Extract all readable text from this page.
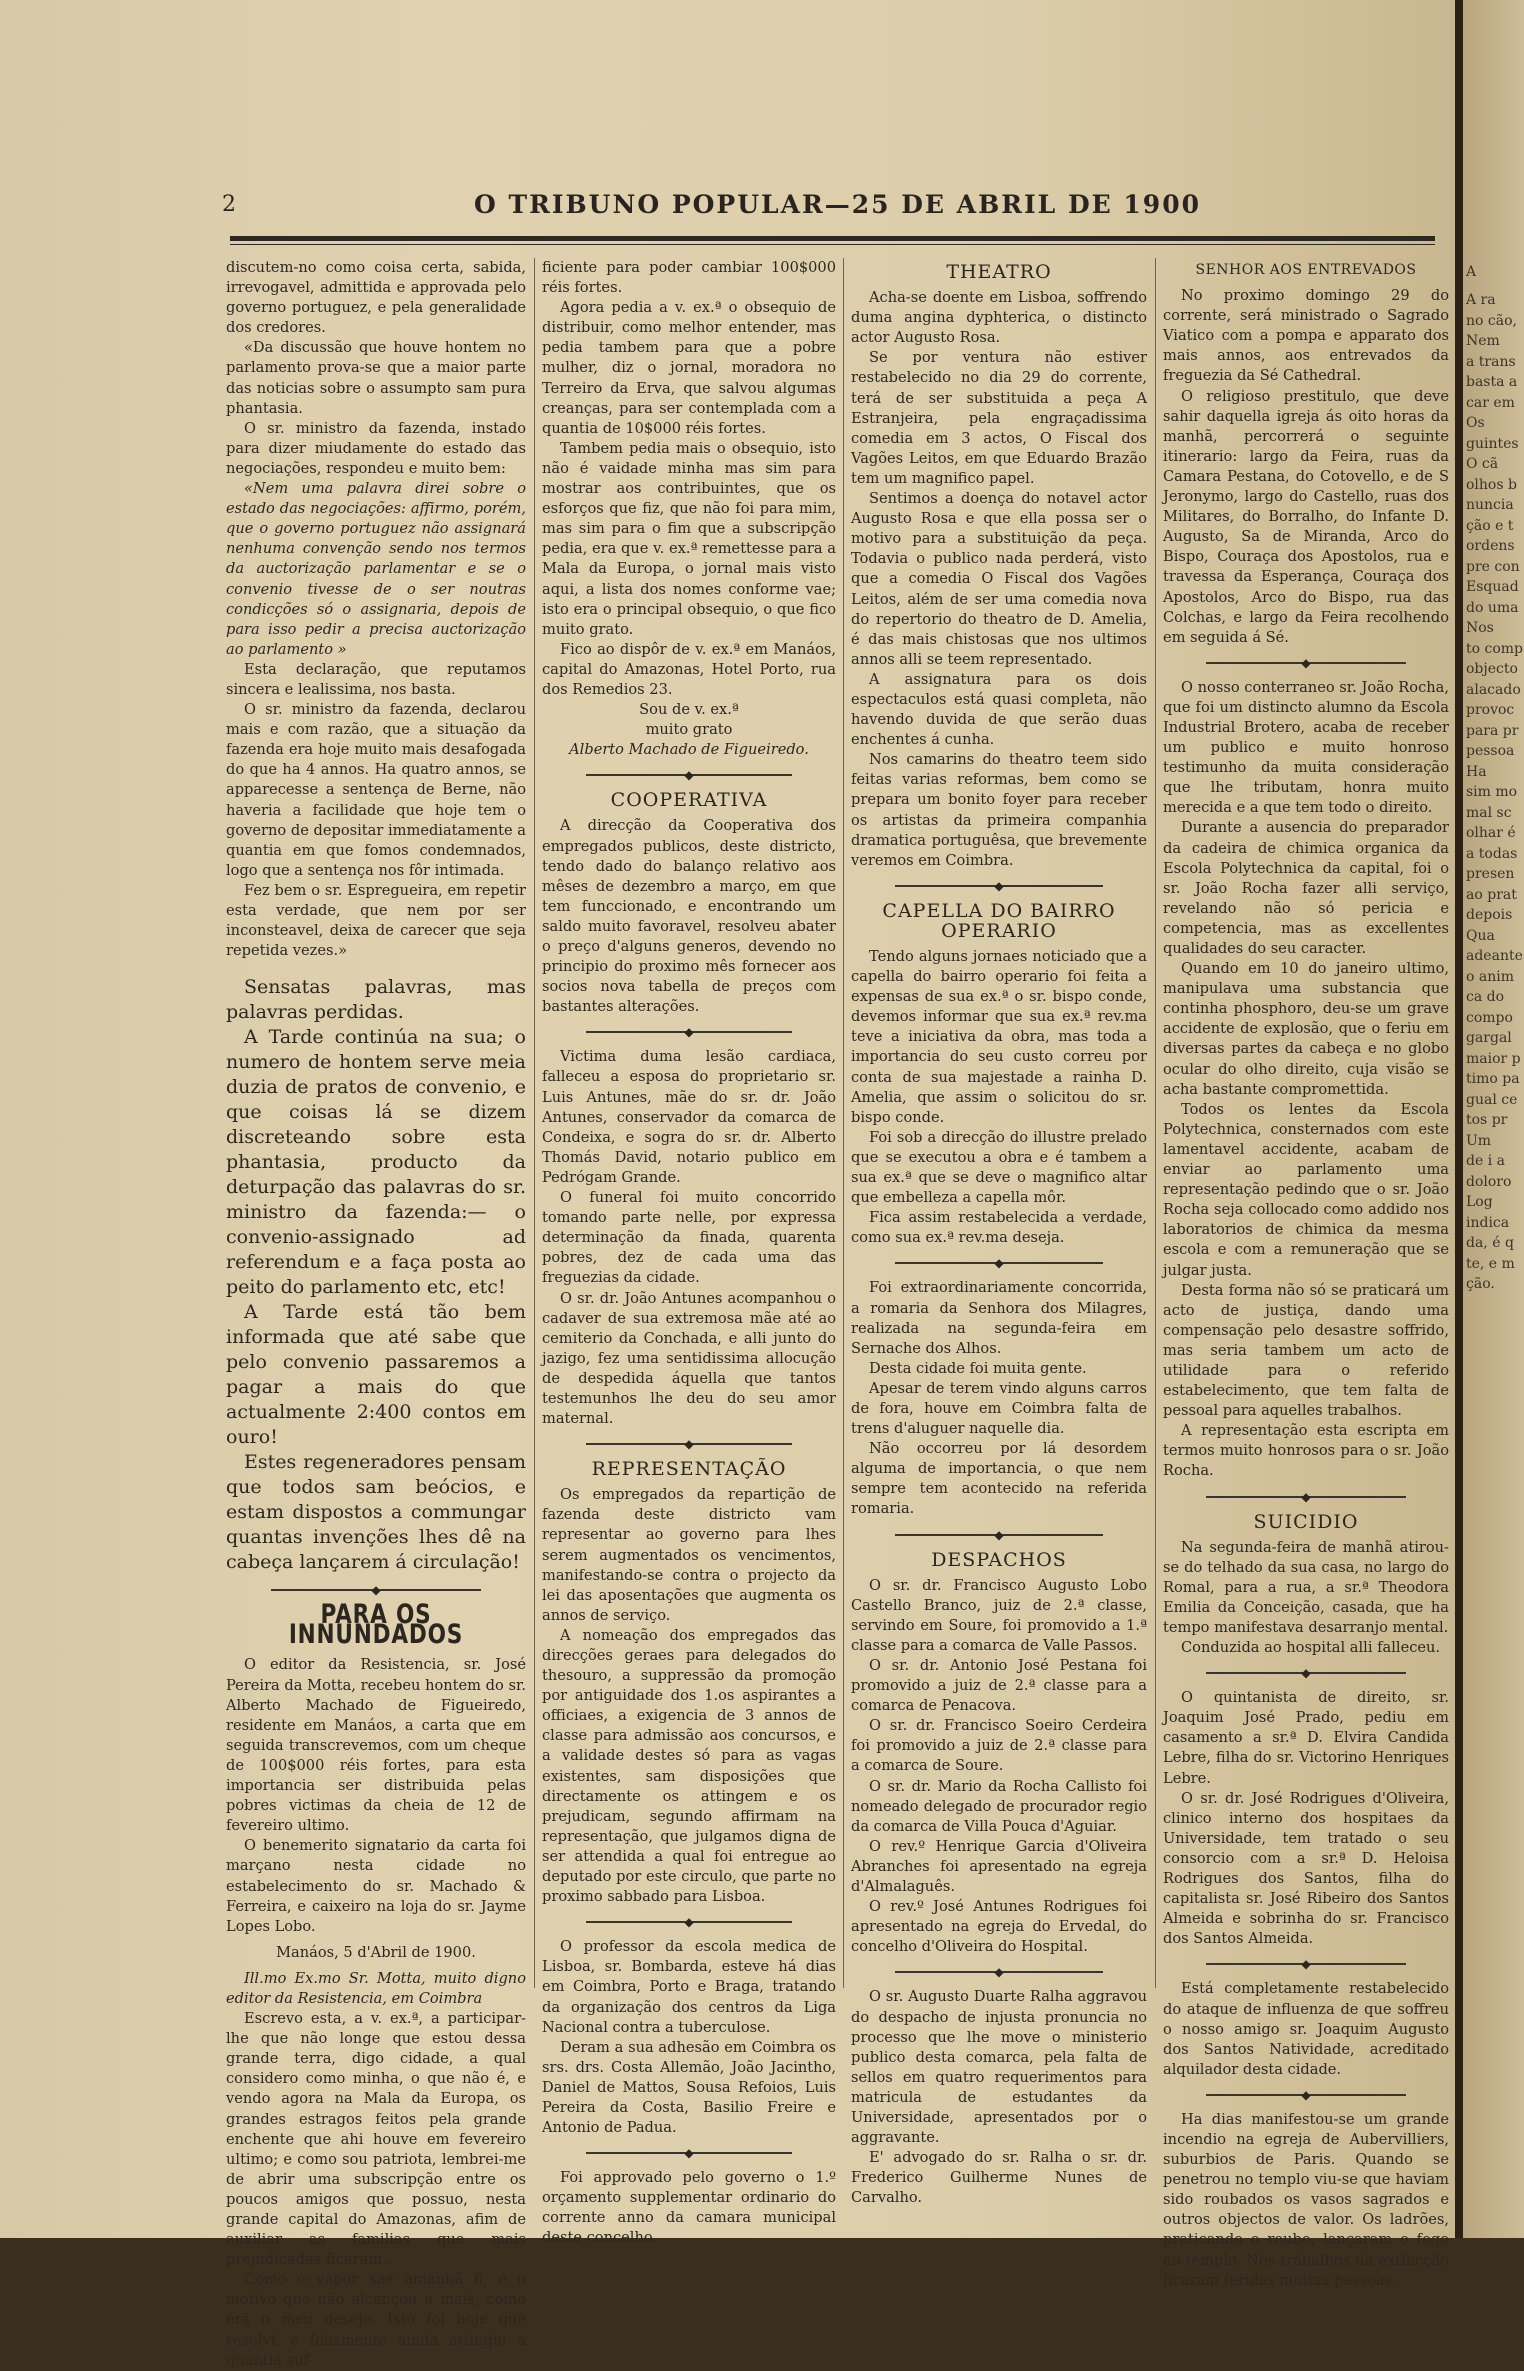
2	O TRIBUNO POPULAR—25 DE ABRIL DE 1900

discutem-no como coisa certa, sabida, irrevogavel, admittida e approvada pelo governo portuguez, e pela generalidade dos credores.

«Da discussão que houve hontem no parlamento prova-se que a maior parte das noticias sobre o assumpto sam pura phantasia.

O sr. ministro da fazenda, instado para dizer miudamente do estado das negociações, respondeu e muito bem:

«Nem uma palavra direi sobre o estado das negociações: affirmo, porém, que o governo portuguez não assignará nenhuma convenção sendo nos termos da auctorização parlamentar e se o convenio tivesse de o ser noutras condicções só o assignaria, depois de para isso pedir a precisa auctorização ao parlamento »

Esta declaração, que reputamos sincera e lealissima, nos basta.

O sr. ministro da fazenda, declarou mais e com razão, que a situação da fazenda era hoje muito mais desafogada do que ha 4 annos. Ha quatro annos, se apparecesse a sentença de Berne, não haveria a facilidade que hoje tem o governo de depositar immediatamente a quantia em que fomos condemnados, logo que a sentença nos fôr intimada.

Fez bem o sr. Espregueira, em repetir esta verdade, que nem por ser inconsteavel, deixa de carecer que seja repetida vezes.»

Sensatas palavras, mas palavras perdidas.

A Tarde continúa na sua; o numero de hontem serve meia duzia de pratos de convenio, e que coisas lá se dizem discreteando sobre esta phantasia, producto da deturpação das palavras do sr. ministro da fazenda:— o convenio-assignado ad referendum e a faça posta ao peito do parlamento etc, etc!

A Tarde está tão bem informada que até sabe que pelo convenio passaremos a pagar a mais do que actualmente 2:400 contos em ouro!

Estes regeneradores pensam que todos sam beócios, e estam dispostos a commungar quantas invenções lhes dê na cabeça lançarem á circulação!

◆
PARA OS INNUNDADOS

O editor da Resistencia, sr. José Pereira da Motta, recebeu hontem do sr. Alberto Machado de Figueiredo, residente em Manáos, a carta que em seguida transcrevemos, com um cheque de 100$000 réis fortes, para esta importancia ser distribuida pelas pobres victimas da cheia de 12 de fevereiro ultimo.

O benemerito signatario da carta foi marçano nesta cidade no estabelecimento do sr. Machado & Ferreira, e caixeiro na loja do sr. Jayme Lopes Lobo.

Manáos, 5 d'Abril de 1900.

Ill.mo Ex.mo Sr. Motta, muito digno editor da Resistencia, em Coimbra

Escrevo esta, a v. ex.ª, a participar-lhe que não longe que estou dessa grande terra, digo cidade, a qual considero como minha, o que não é, e vendo agora na Mala da Europa, os grandes estragos feitos pela grande enchente que ahi houve em fevereiro ultimo; e como sou patriota, lembrei-me de abrir uma subscripção entre os poucos amigos que possuo, nesta grande capital do Amazonas, afim de auxiliar as familias que mais prejudicadas ficaram.

Como o vapor sae amanhã 6, é o motivo que não alcançou a mais, como era o meu desejo. Isto foi hoje que resolvi, e felizmente ainda attingiu a quantia suf-

ficiente para poder cambiar 100$000 réis fortes.

Agora pedia a v. ex.ª o obsequio de distribuir, como melhor entender, mas pedia tambem para que a pobre mulher, diz o jornal, moradora no Terreiro da Erva, que salvou algumas creanças, para ser contemplada com a quantia de 10$000 réis fortes.

Tambem pedia mais o obsequio, isto não é vaidade minha mas sim para mostrar aos contribuintes, que os esforços que fiz, que não foi para mim, mas sim para o fim que a subscripção pedia, era que v. ex.ª remettesse para a Mala da Europa, o jornal mais visto aqui, a lista dos nomes conforme vae; isto era o principal obsequio, o que fico muito grato.

Fico ao dispôr de v. ex.ª em Manáos, capital do Amazonas, Hotel Porto, rua dos Remedios 23.

Sou de v. ex.ª

muito grato

Alberto Machado de Figueiredo.

◆
COOPERATIVA

A direcção da Cooperativa dos empregados publicos, deste districto, tendo dado do balanço relativo aos mêses de dezembro a março, em que tem funccionado, e encontrando um saldo muito favoravel, resolveu abater o preço d'alguns generos, devendo no principio do proximo mês fornecer aos socios nova tabella de preços com bastantes alterações.

◆

Victima duma lesão cardiaca, falleceu a esposa do proprietario sr. Luis Antunes, mãe do sr. dr. João Antunes, conservador da comarca de Condeixa, e sogra do sr. dr. Alberto Thomás David, notario publico em Pedrógam Grande.

O funeral foi muito concorrido tomando parte nelle, por expressa determinação da finada, quarenta pobres, dez de cada uma das freguezias da cidade.

O sr. dr. João Antunes acompanhou o cadaver de sua extremosa mãe até ao cemiterio da Conchada, e alli junto do jazigo, fez uma sentidissima allocução de despedida áquella que tantos testemunhos lhe deu do seu amor maternal.

◆
REPRESENTAÇÃO

Os empregados da repartição de fazenda deste districto vam representar ao governo para lhes serem augmentados os vencimentos, manifestando-se contra o projecto da lei das aposentações que augmenta os annos de serviço.

A nomeação dos empregados das direcções geraes para delegados do thesouro, a suppressão da promoção por antiguidade dos 1.os aspirantes a officiaes, a exigencia de 3 annos de classe para admissão aos concursos, e a validade destes só para as vagas existentes, sam disposições que directamente os attingem e os prejudicam, segundo affirmam na representação, que julgamos digna de ser attendida a qual foi entregue ao deputado por este circulo, que parte no proximo sabbado para Lisboa.

◆

O professor da escola medica de Lisboa, sr. Bombarda, esteve há dias em Coimbra, Porto e Braga, tratando da organização dos centros da Liga Nacional contra a tuberculose.

Deram a sua adhesão em Coimbra os srs. drs. Costa Allemão, João Jacintho, Daniel de Mattos, Sousa Refoios, Luis Pereira da Costa, Basilio Freire e Antonio de Padua.

◆

Foi approvado pelo governo o 1.º orçamento supplementar ordinario do corrente anno da camara municipal deste concelho.

THEATRO

Acha-se doente em Lisboa, soffrendo duma angina dyphterica, o distincto actor Augusto Rosa.

Se por ventura não estiver restabelecido no dia 29 do corrente, terá de ser substituida a peça A Estranjeira, pela engraçadissima comedia em 3 actos, O Fiscal dos Vagões Leitos, em que Eduardo Brazão tem um magnifico papel.

Sentimos a doença do notavel actor Augusto Rosa e que ella possa ser o motivo para a substituição da peça. Todavia o publico nada perderá, visto que a comedia O Fiscal dos Vagões Leitos, além de ser uma comedia nova do repertorio do theatro de D. Amelia, é das mais chistosas que nos ultimos annos alli se teem representado.

A assignatura para os dois espectaculos está quasi completa, não havendo duvida de que serão duas enchentes á cunha.

Nos camarins do theatro teem sido feitas varias reformas, bem como se prepara um bonito foyer para receber os artistas da primeira companhia dramatica portuguêsa, que brevemente veremos em Coimbra.

◆
CAPELLA DO BAIRRO OPERARIO

Tendo alguns jornaes noticiado que a capella do bairro operario foi feita a expensas de sua ex.ª o sr. bispo conde, devemos informar que sua ex.ª rev.ma teve a iniciativa da obra, mas toda a importancia do seu custo correu por conta de sua majestade a rainha D. Amelia, que assim o solicitou do sr. bispo conde.

Foi sob a direcção do illustre prelado que se executou a obra e é tambem a sua ex.ª que se deve o magnifico altar que embelleza a capella môr.

Fica assim restabelecida a verdade, como sua ex.ª rev.ma deseja.

◆

Foi extraordinariamente concorrida, a romaria da Senhora dos Milagres, realizada na segunda-feira em Sernache dos Alhos.

Desta cidade foi muita gente.

Apesar de terem vindo alguns carros de fora, houve em Coimbra falta de trens d'aluguer naquelle dia.

Não occorreu por lá desordem alguma de importancia, o que nem sempre tem acontecido na referida romaria.

◆
DESPACHOS

O sr. dr. Francisco Augusto Lobo Castello Branco, juiz de 2.ª classe, servindo em Soure, foi promovido a 1.ª classe para a comarca de Valle Passos.

O sr. dr. Antonio José Pestana foi promovido a juiz de 2.ª classe para a comarca de Penacova.

O sr. dr. Francisco Soeiro Cerdeira foi promovido a juiz de 2.ª classe para a comarca de Soure.

O sr. dr. Mario da Rocha Callisto foi nomeado delegado de procurador regio da comarca de Villa Pouca d'Aguiar.

O rev.º Henrique Garcia d'Oliveira Abranches foi apresentado na egreja d'Almalaguês.

O rev.º José Antunes Rodrigues foi apresentado na egreja do Ervedal, do concelho d'Oliveira do Hospital.

◆

O sr. Augusto Duarte Ralha aggravou do despacho de injusta pronuncia no processo que lhe move o ministerio publico desta comarca, pela falta de sellos em quatro requerimentos para matricula de estudantes da Universidade, apresentados por o aggravante.

E' advogado do sr. Ralha o sr. dr. Frederico Guilherme Nunes de Carvalho.

SENHOR AOS ENTREVADOS

No proximo domingo 29 do corrente, será ministrado o Sagrado Viatico com a pompa e apparato dos mais annos, aos entrevados da freguezia da Sé Cathedral.

O religioso prestitulo, que deve sahir daquella igreja ás oito horas da manhã, percorrerá o seguinte itinerario: largo da Feira, ruas da Camara Pestana, do Cotovello, e de S Jeronymo, largo do Castello, ruas dos Militares, do Borralho, do Infante D. Augusto, Sa de Miranda, Arco do Bispo, Couraça dos Apostolos, rua e travessa da Esperança, Couraça dos Apostolos, Arco do Bispo, rua das Colchas, e largo da Feira recolhendo em seguida á Sé.

◆

O nosso conterraneo sr. João Rocha, que foi um distincto alumno da Escola Industrial Brotero, acaba de receber um publico e muito honroso testimunho da muita consideração que lhe tributam, honra muito merecida e a que tem todo o direito.

Durante a ausencia do preparador da cadeira de chimica organica da Escola Polytechnica da capital, foi o sr. João Rocha fazer alli serviço, revelando não só pericia e competencia, mas as excellentes qualidades do seu caracter.

Quando em 10 do janeiro ultimo, manipulava uma substancia que continha phosphoro, deu-se um grave accidente de explosão, que o feriu em diversas partes da cabeça e no globo ocular do olho direito, cuja visão se acha bastante compromettida.

Todos os lentes da Escola Polytechnica, consternados com este lamentavel accidente, acabam de enviar ao parlamento uma representação pedindo que o sr. João Rocha seja collocado como addido nos laboratorios de chimica da mesma escola e com a remuneração que se julgar justa.

Desta forma não só se praticará um acto de justiça, dando uma compensação pelo desastre soffrido, mas seria tambem um acto de utilidade para o referido estabelecimento, que tem falta de pessoal para aquelles trabalhos.

A representação esta escripta em termos muito honrosos para o sr. João Rocha.

◆
SUICIDIO

Na segunda-feira de manhã atirou-se do telhado da sua casa, no largo do Romal, para a rua, a sr.ª Theodora Emilia da Conceição, casada, que ha tempo manifestava desarranjo mental.

Conduzida ao hospital alli falleceu.

◆

O quintanista de direito, sr. Joaquim José Prado, pediu em casamento a sr.ª D. Elvira Candida Lebre, filha do sr. Victorino Henriques Lebre.

O sr. dr. José Rodrigues d'Oliveira, clinico interno dos hospitaes da Universidade, tem tratado o seu consorcio com a sr.ª D. Heloisa Rodrigues dos Santos, filha do capitalista sr. José Ribeiro dos Santos Almeida e sobrinha do sr. Francisco dos Santos Almeida.

◆

Está completamente restabelecido do ataque de influenza de que soffreu o nosso amigo sr. Joaquim Augusto dos Santos Natividade, acreditado alquilador desta cidade.

◆

Ha dias manifestou-se um grande incendio na egreja de Aubervilliers, suburbios de Paris. Quando se penetrou no templo viu-se que haviam sido roubados os vasos sagrados e outros objectos de valor. Os ladrões, praticando o roubo, lançaram o fogo ao templo. Nos trabalhos da extincção ficaram feridas muitas pessoas.

A
A ra
no cão,
Nem
a trans
basta a
car em
Os
guintes
O cã
olhos b
nuncia
ção e t
ordens
pre con
Esquad
do uma
Nos
to comp
objecto
alacado
provoc
para pr
pessoa
Ha
sim mo
mal sc
olhar é
a todas
presen
ao prat
depois
Qua
adeante
o anim
ca do
compo
gargal
maior p
timo pa
gual ce
tos pr
Um
de i a
doloro
Log
indica
da, é q
te, e m
ção.
